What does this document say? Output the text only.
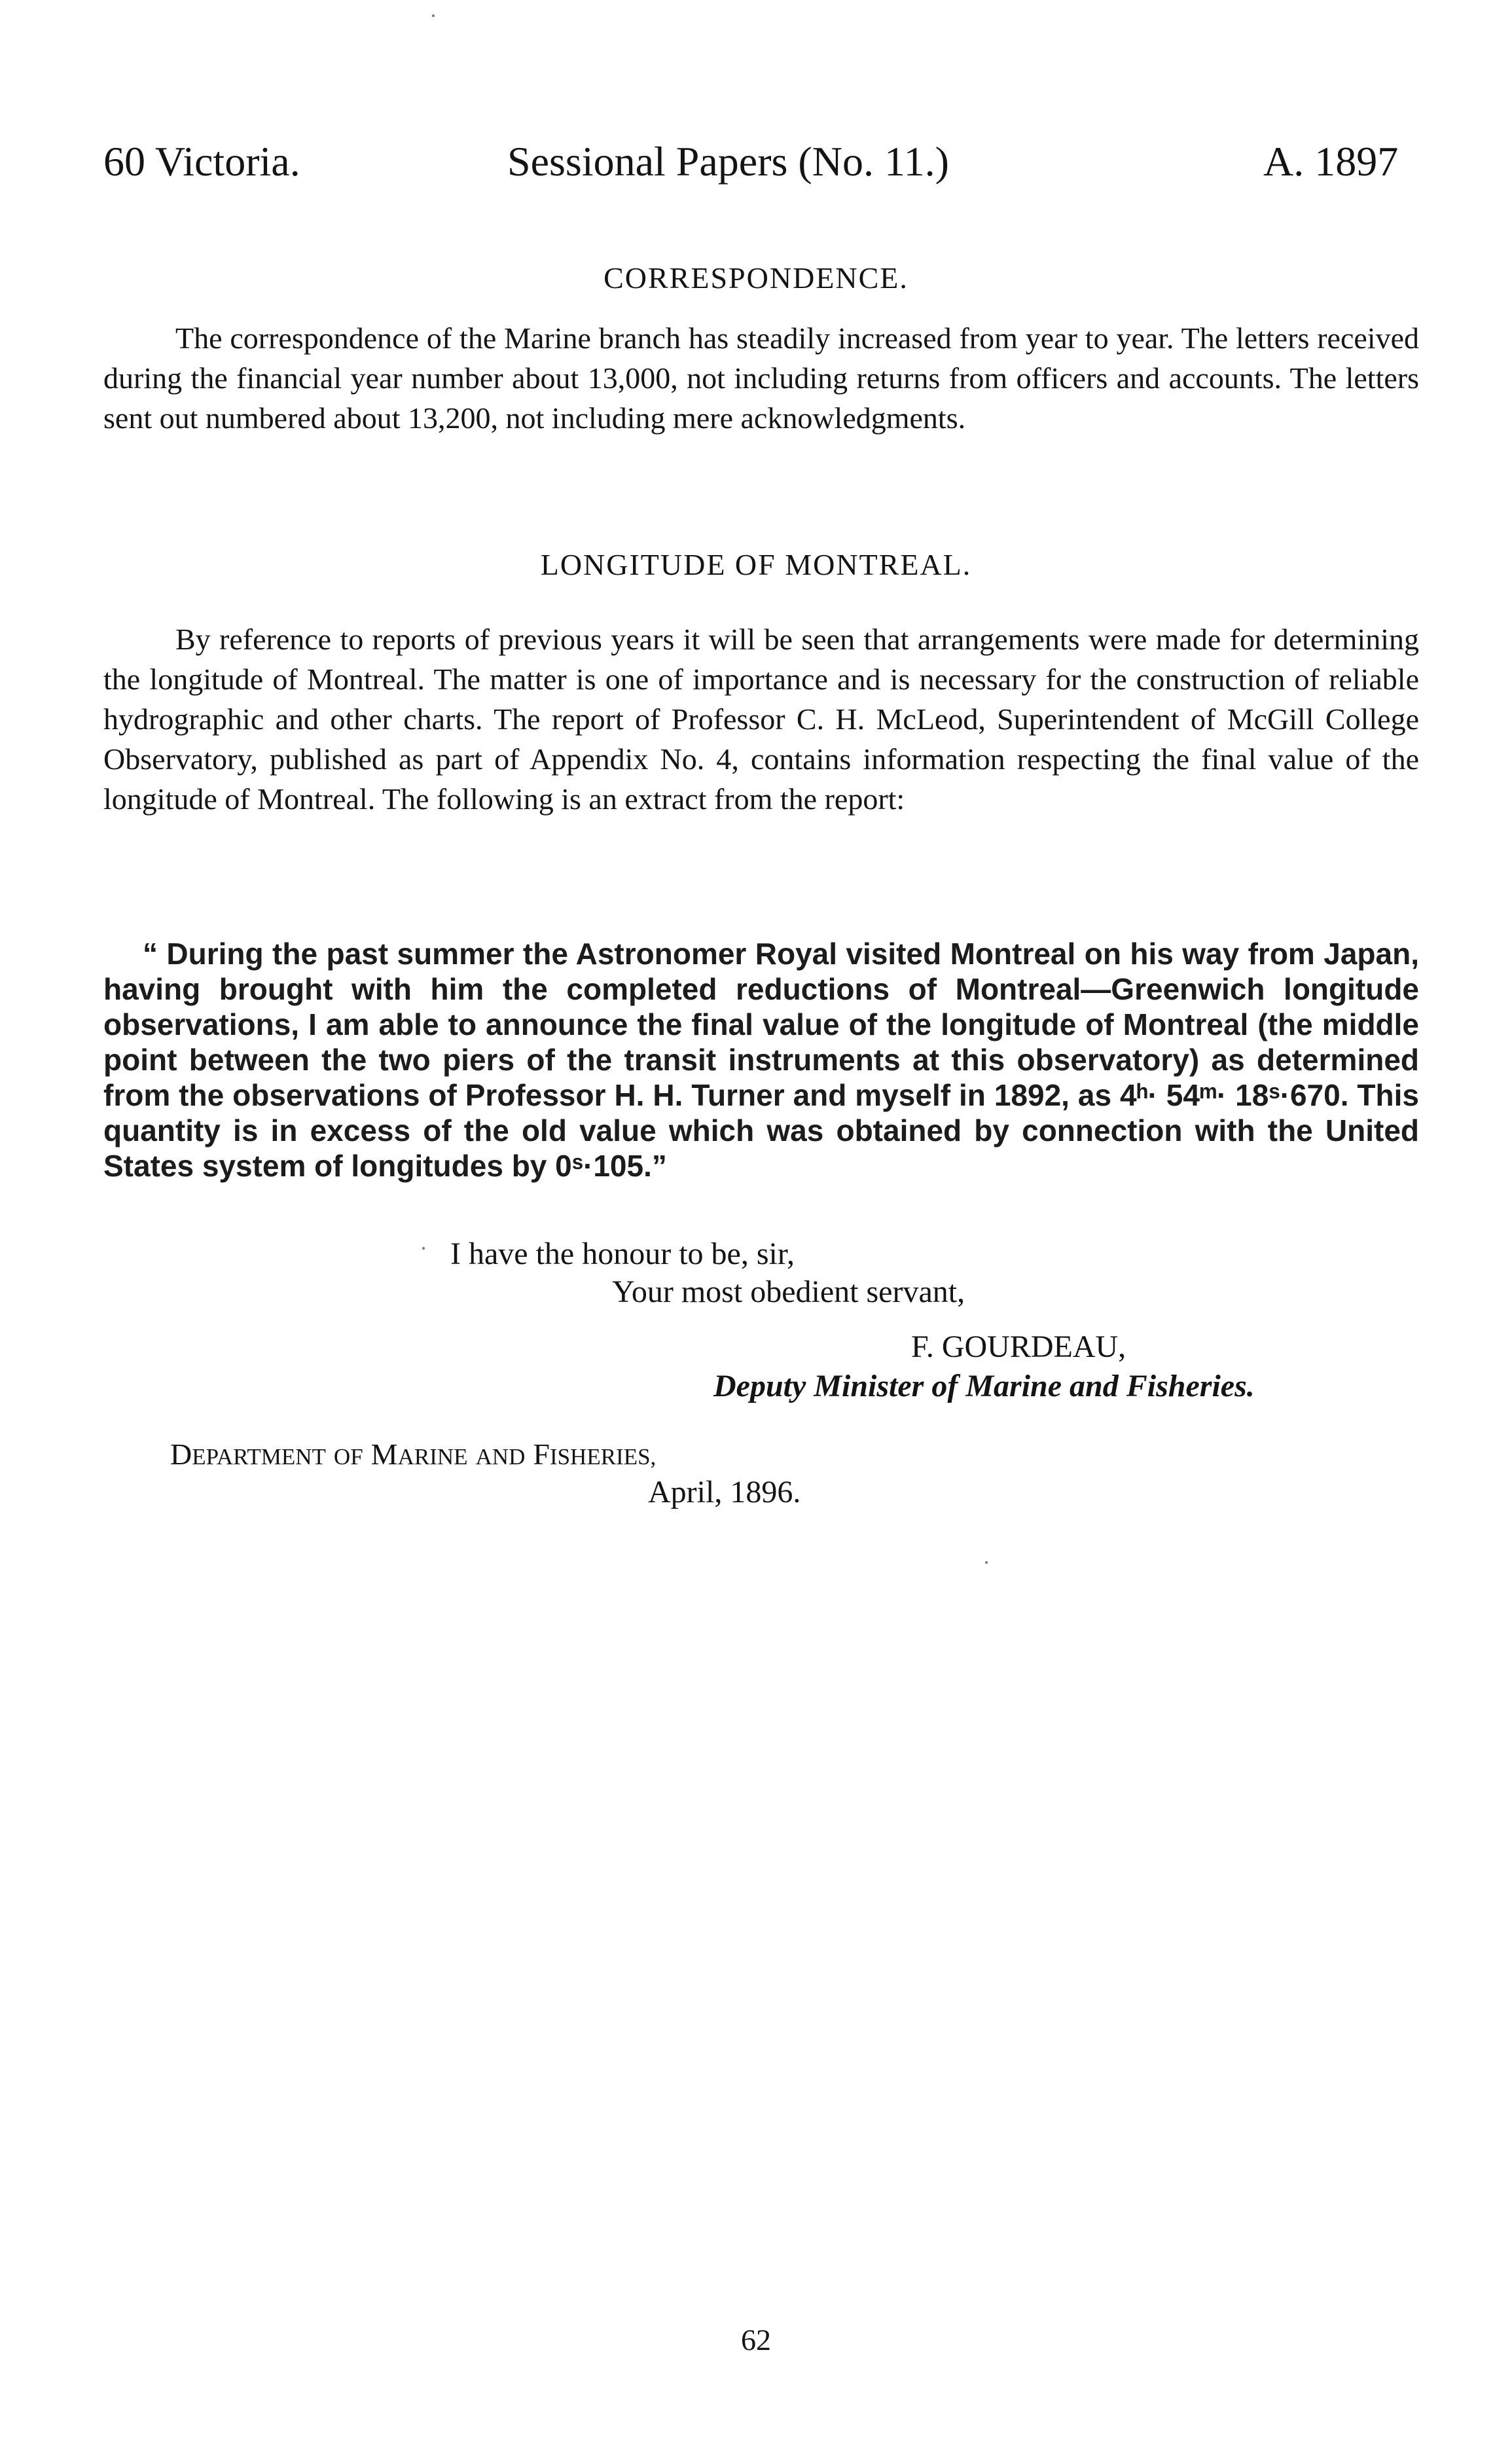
60 Victoria.	Sessional Papers (No. 11.)	A. 1897
CORRESPONDENCE.

The correspondence of the Marine branch has steadily increased from year to year. The letters received during the financial year number about 13,000, not including returns from officers and accounts. The letters sent out numbered about 13,200, not including mere acknowledgments.

LONGITUDE OF MONTREAL.

By reference to reports of previous years it will be seen that arrangements were made for determining the longitude of Montreal. The matter is one of importance and is necessary for the construction of reliable hydrographic and other charts. The report of Professor C. H. McLeod, Superintendent of McGill College Observatory, published as part of Appendix No. 4, contains information respecting the final value of the longitude of Montreal. The following is an extract from the report:

“ During the past summer the Astronomer Royal visited Montreal on his way from Japan, having brought with him the completed reductions of Montreal—Greenwich longitude observations, I am able to announce the final value of the longitude of Montreal (the middle point between the two piers of the transit instruments at this observatory) as determined from the observations of Professor H. H. Turner and myself in 1892, as 4ʰ· 54ᵐ· 18ˢ·670. This quantity is in excess of the old value which was obtained by connection with the United States system of longitudes by 0ˢ·105.”

I have the honour to be, sir,
Your most obedient servant,
F. GOURDEAU,
Deputy Minister of Marine and Fisheries.
DEPARTMENT OF MARINE AND FISHERIES,
April, 1896.
62
